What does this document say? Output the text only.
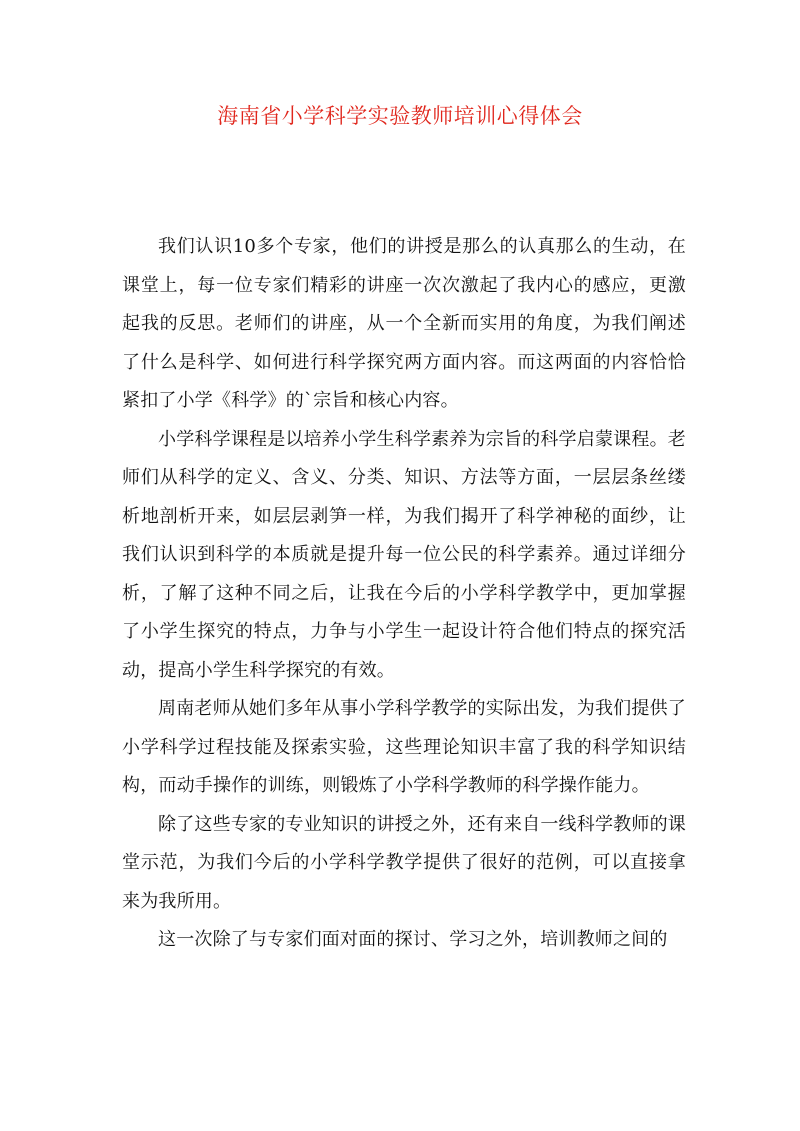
海南省小学科学实验教师培训心得体会

我们认识10多个专家，他们的讲授是那么的认真那么的生动，在课堂上，每一位专家们精彩的讲座一次次激起了我内心的感应，更激起我的反思。老师们的讲座，从一个全新而实用的角度，为我们阐述了什么是科学、如何进行科学探究两方面内容。而这两面的内容恰恰紧扣了小学《科学》的`宗旨和核心内容。

小学科学课程是以培养小学生科学素养为宗旨的科学启蒙课程。老师们从科学的定义、含义、分类、知识、方法等方面，一层层条丝缕析地剖析开来，如层层剥笋一样，为我们揭开了科学神秘的面纱，让我们认识到科学的本质就是提升每一位公民的科学素养。通过详细分析，了解了这种不同之后，让我在今后的小学科学教学中，更加掌握了小学生探究的特点，力争与小学生一起设计符合他们特点的探究活动，提高小学生科学探究的有效。

周南老师从她们多年从事小学科学教学的实际出发，为我们提供了小学科学过程技能及探索实验，这些理论知识丰富了我的科学知识结构，而动手操作的训练，则锻炼了小学科学教师的科学操作能力。

除了这些专家的专业知识的讲授之外，还有来自一线科学教师的课堂示范，为我们今后的小学科学教学提供了很好的范例，可以直接拿来为我所用。

这一次除了与专家们面对面的探讨、学习之外，培训教师之间的
